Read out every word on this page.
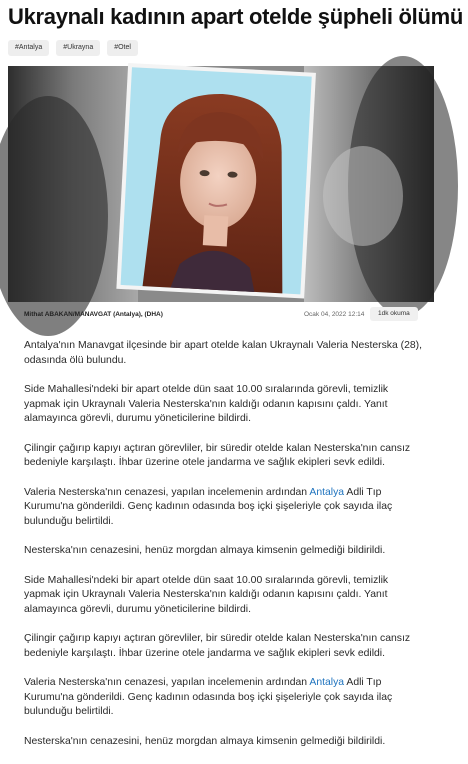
Ukraynalı kadının apart otelde şüpheli ölümü
#Antalya	#Ukrayna	#Otel
Mithat ABAKAN/MANAVGAT (Antalya), (DHA)	Ocak 04, 2022 12:14	1dk okuma

Antalya'nın Manavgat ilçesinde bir apart otelde kalan Ukraynalı Valeria Nesterska (28), odasında ölü bulundu.

Side Mahallesi'ndeki bir apart otelde dün saat 10.00 sıralarında görevli, temizlik yapmak için Ukraynalı Valeria Nesterska'nın kaldığı odanın kapısını çaldı. Yanıt alamayınca görevli, durumu yöneticilerine bildirdi.

Çilingir çağırıp kapıyı açtıran görevliler, bir süredir otelde kalan Nesterska'nın cansız bedeniyle karşılaştı. İhbar üzerine otele jandarma ve sağlık ekipleri sevk edildi.

Valeria Nesterska'nın cenazesi, yapılan incelemenin ardından Antalya Adli Tıp Kurumu'na gönderildi. Genç kadının odasında boş içki şişeleriyle çok sayıda ilaç bulunduğu belirtildi.

Nesterska'nın cenazesini, henüz morgdan almaya kimsenin gelmediği bildirildi.

Side Mahallesi'ndeki bir apart otelde dün saat 10.00 sıralarında görevli, temizlik yapmak için Ukraynalı Valeria Nesterska'nın kaldığı odanın kapısını çaldı. Yanıt alamayınca görevli, durumu yöneticilerine bildirdi.

Çilingir çağırıp kapıyı açtıran görevliler, bir süredir otelde kalan Nesterska'nın cansız bedeniyle karşılaştı. İhbar üzerine otele jandarma ve sağlık ekipleri sevk edildi.

Valeria Nesterska'nın cenazesi, yapılan incelemenin ardından Antalya Adli Tıp Kurumu'na gönderildi. Genç kadının odasında boş içki şişeleriyle çok sayıda ilaç bulunduğu belirtildi.

Nesterska'nın cenazesini, henüz morgdan almaya kimsenin gelmediği bildirildi.
